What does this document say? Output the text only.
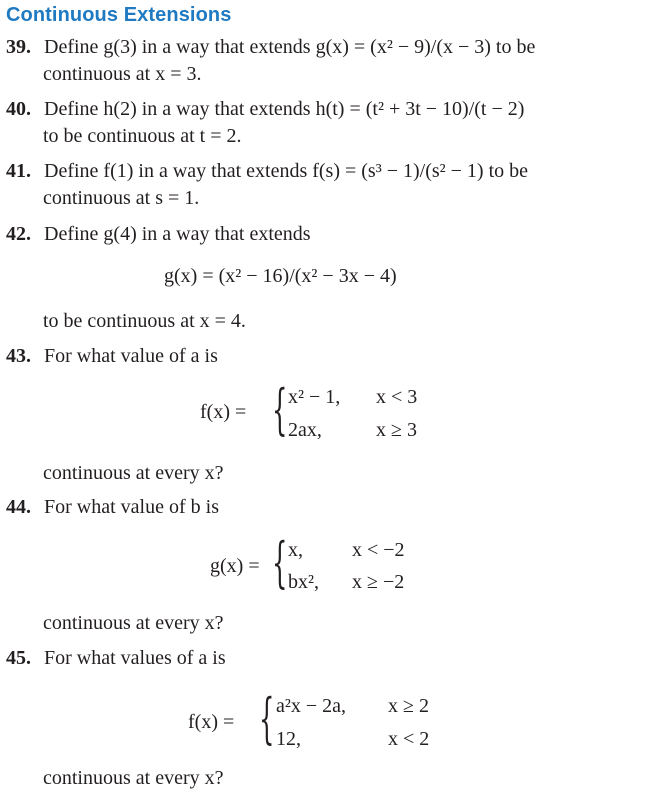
Continuous Extensions
39. Define g(3) in a way that extends g(x) = (x² − 9)/(x − 3) to be
continuous at x = 3.
40. Define h(2) in a way that extends h(t) = (t² + 3t − 10)/(t − 2)
to be continuous at t = 2.
41. Define f(1) in a way that extends f(s) = (s³ − 1)/(s² − 1) to be
continuous at s = 1.
42. Define g(4) in a way that extends
g(x) = (x² − 16)/(x² − 3x − 4)
to be continuous at x = 4.
43. For what value of a is
f(x) = { x² − 1, x < 3
2ax,	x ≥ 3
continuous at every x?
44. For what value of b is
g(x) = { x, x < −2
bx², x ≥ −2
continuous at every x?
45. For what values of a is
f(x) = { a²x − 2a, x ≥ 2
12,	x < 2
continuous at every x?
